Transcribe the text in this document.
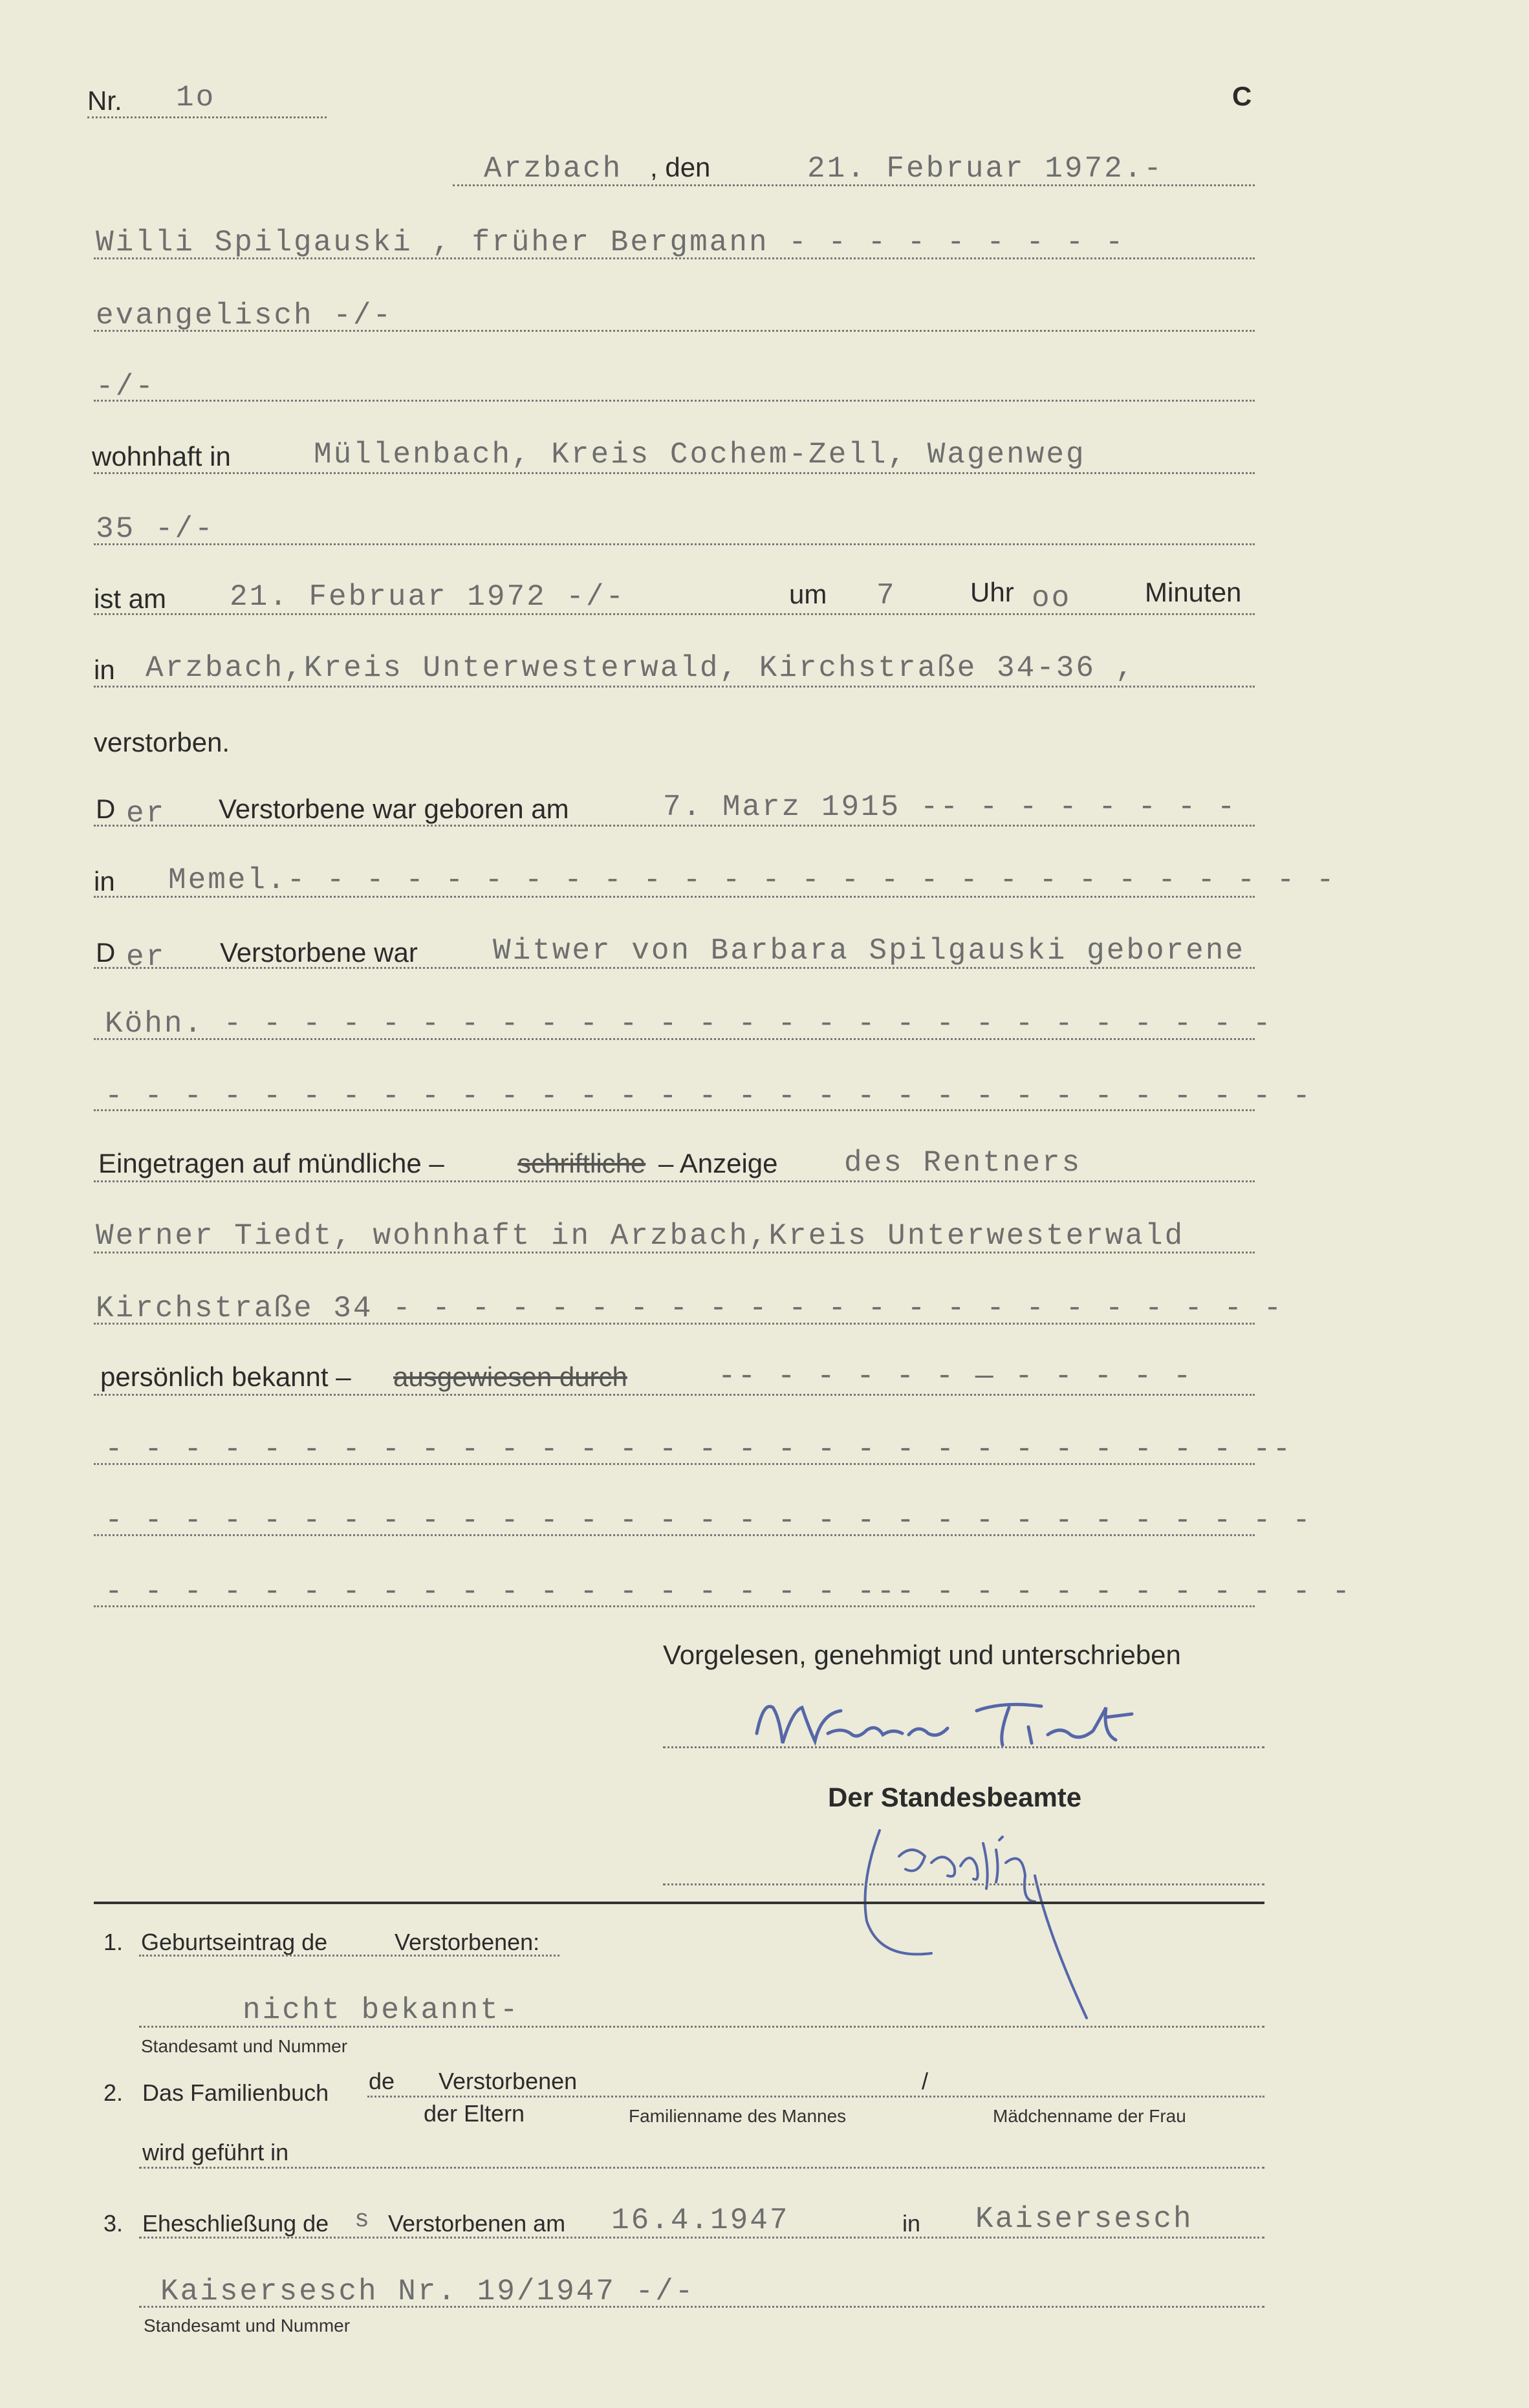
Nr. 1o	C
Arzbach , den	21. Februar 1972.-
Willi Spilgauski , früher Bergmann - - - - - - - - -
evangelisch -/-
-/-
wohnhaft in	Müllenbach, Kreis Cochem-Zell, Wagenweg
35 -/-
ist am 21. Februar 1972 -/-	um 7	Uhr oo	Minuten
in Arzbach,Kreis Unterwesterwald, Kirchstraße 34-36 ,
verstorben.
D er Verstorbene war geboren am	7. Marz 1915 -- - - - - - - -
in Memel.- - - - - - - - - - - - - - - - - - - - - - - - - - -
D er Verstorbene war	Witwer von Barbara Spilgauski geborene
Köhn. - - - - - - - - - - - - - - - - - - - - - - - - - - -
- - - - - - - - - - - - - - - - - - - - - - - - - - - - - - -
Eingetragen auf mündliche –	schriftliche – Anzeige des Rentners
Werner Tiedt, wohnhaft in Arzbach,Kreis Unterwesterwald
Kirchstraße 34 - - - - - - - - - - - - - - - - - - - - - - -
persönlich bekannt – ausgewiesen durch	-- - - - - - — - - - - -
- - - - - - - - - - - - - - - - - - - - - - - - - - - - - --
- - - - - - - - - - - - - - - - - - - - - - - - - - - - - - -
- - - - - - - - - - - - - - - - - - - --- - - - - - - - - - - -
Vorgelesen, genehmigt und unterschrieben
Der Standesbeamte
1. Geburtseintrag de	Verstorbenen:
nicht bekannt-
Standesamt und Nummer
2. Das Familienbuch de Verstorbenen	/
der Eltern	Familienname des Mannes	Mädchenname der Frau
wird geführt in
3. Eheschließung de s Verstorbenen am 16.4.1947	in Kaisersesch
Kaisersesch Nr. 19/1947 -/-
Standesamt und Nummer
